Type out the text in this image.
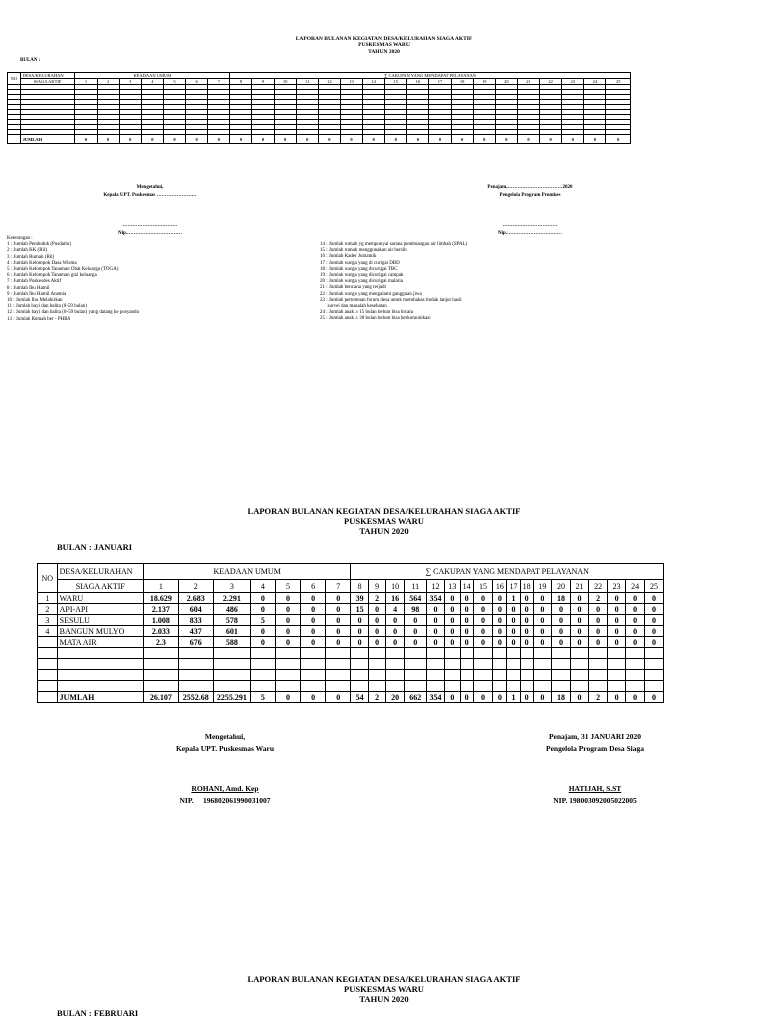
LAPORAN BULANAN KEGIATAN DESA/KELURAHAN SIAGA AKTIF
PUSKESMAS WARU
TAHUN 2020
BULAN :
NO	DESA/KELURAHAN	KEADAAN UMUM							∑ CAKUPAN YANG MENDAPAT PELAYANAN																	
	SIAGA AKTIF	1	2	3	4	5	6	7	8	9	10	11	12	13	14	15	16	17	18	19	20	21	22	23	24	25

	JUMLAH	0	0	0	0	0	0	0	0	0	0	0	0	0	0	0	0	0	0	0	0	0	0	0	0	0
Mengetahui,
Kepala UPT. Puskesmas ……………………
……………………………
Nip.……………………………
Penajam,……………………………2020
Pengelola Program Promkes
……………………………
Nip.……………………………
Keterangan :
1 : Jumlah Penduduk (Pusdatin)
2 : Jumlah KK (Ril)
3 : Jumlah Rumah (Ril)
4 : Jumlah Kelompok Dasa Wisma
5 : Jumlah Kelompok Tanaman Obat Keluarga (TOGA)
6 : Jumlah Kelompok Tanaman gizi keluarga
7 : Jumlah Poskesdes Aktif
8 : Jumlah Ibu Hamil
9 : Jumlah Ibu Hamil Anemia
10 : Jumlah Ibu Melahirkan
11 : Jumlah bayi dan balita (0-59 bulan)
12 : Jumlah bayi dan balita (0-59 bulan) yang datang ke posyandu
13 : Jumlah Rumah ber - PHBS
14 : Jumlah rumah yg mempunyai sarana pembuangan air limbah (SPAL)
15 : Jumlah rumah menggunakan air bersih
16 : Jumlah Kader Jumantik
17 : Jumlah warga yang di curigai DBD
18 : Jumlah warga yang dicurigai TBC
19 : Jumlah warga yang dicurigai campak
20 : Jumlah warga yang dicurigai malaria
21 : Jumlah bencana yang terjadi
22 : Jumlah warga yang mengalami gangguan jiwa
23 : Jumlah pertemuan forum desa untuk membahas tindak lanjut hasil
survei dan masalah kesehatan
24 : Jumlah anak ≥ 15 bulan belum bisa bicara
25 : Jumlah anak ≥ 30 bulan belum bisa berkomunikasi
LAPORAN BULANAN KEGIATAN DESA/KELURAHAN SIAGA AKTIF
PUSKESMAS WARU
TAHUN 2020
BULAN : JANUARI
NO	DESA/KELURAHAN	KEADAAN UMUM							∑ CAKUPAN YANG MENDAPAT PELAYANAN																	
	SIAGA AKTIF	1	2	3	4	5	6	7	8	9	10	11	12	13	14	15	16	17	18	19	20	21	22	23	24	25
1	WARU	18.629	2.683	2.291	0	0	0	0	39	2	16	564	354	0	0	0	0	1	0	0	18	0	2	0	0	0
2	API-API	2.137	604	486	0	0	0	0	15	0	4	98	0	0	0	0	0	0	0	0	0	0	0	0	0	0
3	SESULU	1.008	833	578	5	0	0	0	0	0	0	0	0	0	0	0	0	0	0	0	0	0	0	0	0	0
4	BANGUN MULYO	2.033	437	601	0	0	0	0	0	0	0	0	0	0	0	0	0	0	0	0	0	0	0	0	0	0
	MATA AIR	2.3	676	588	0	0	0	0	0	0	0	0	0	0	0	0	0	0	0	0	0	0	0	0	0	0

	JUMLAH	26.107	2552.68	2255.291	5	0	0	0	54	2	20	662	354	0	0	0	0	1	0	0	18	0	2	0	0	0
Mengetahui,
Kepala UPT. Puskesmas Waru
ROHANI, Amd. Kep
NIP. 196802061990031007
Penajam, 31 JANUARI 2020
Pengelola Program Desa Siaga
HATIJAH, S.ST
NIP. 198003092005022005
LAPORAN BULANAN KEGIATAN DESA/KELURAHAN SIAGA AKTIF
PUSKESMAS WARU
TAHUN 2020
BULAN : FEBRUARI
